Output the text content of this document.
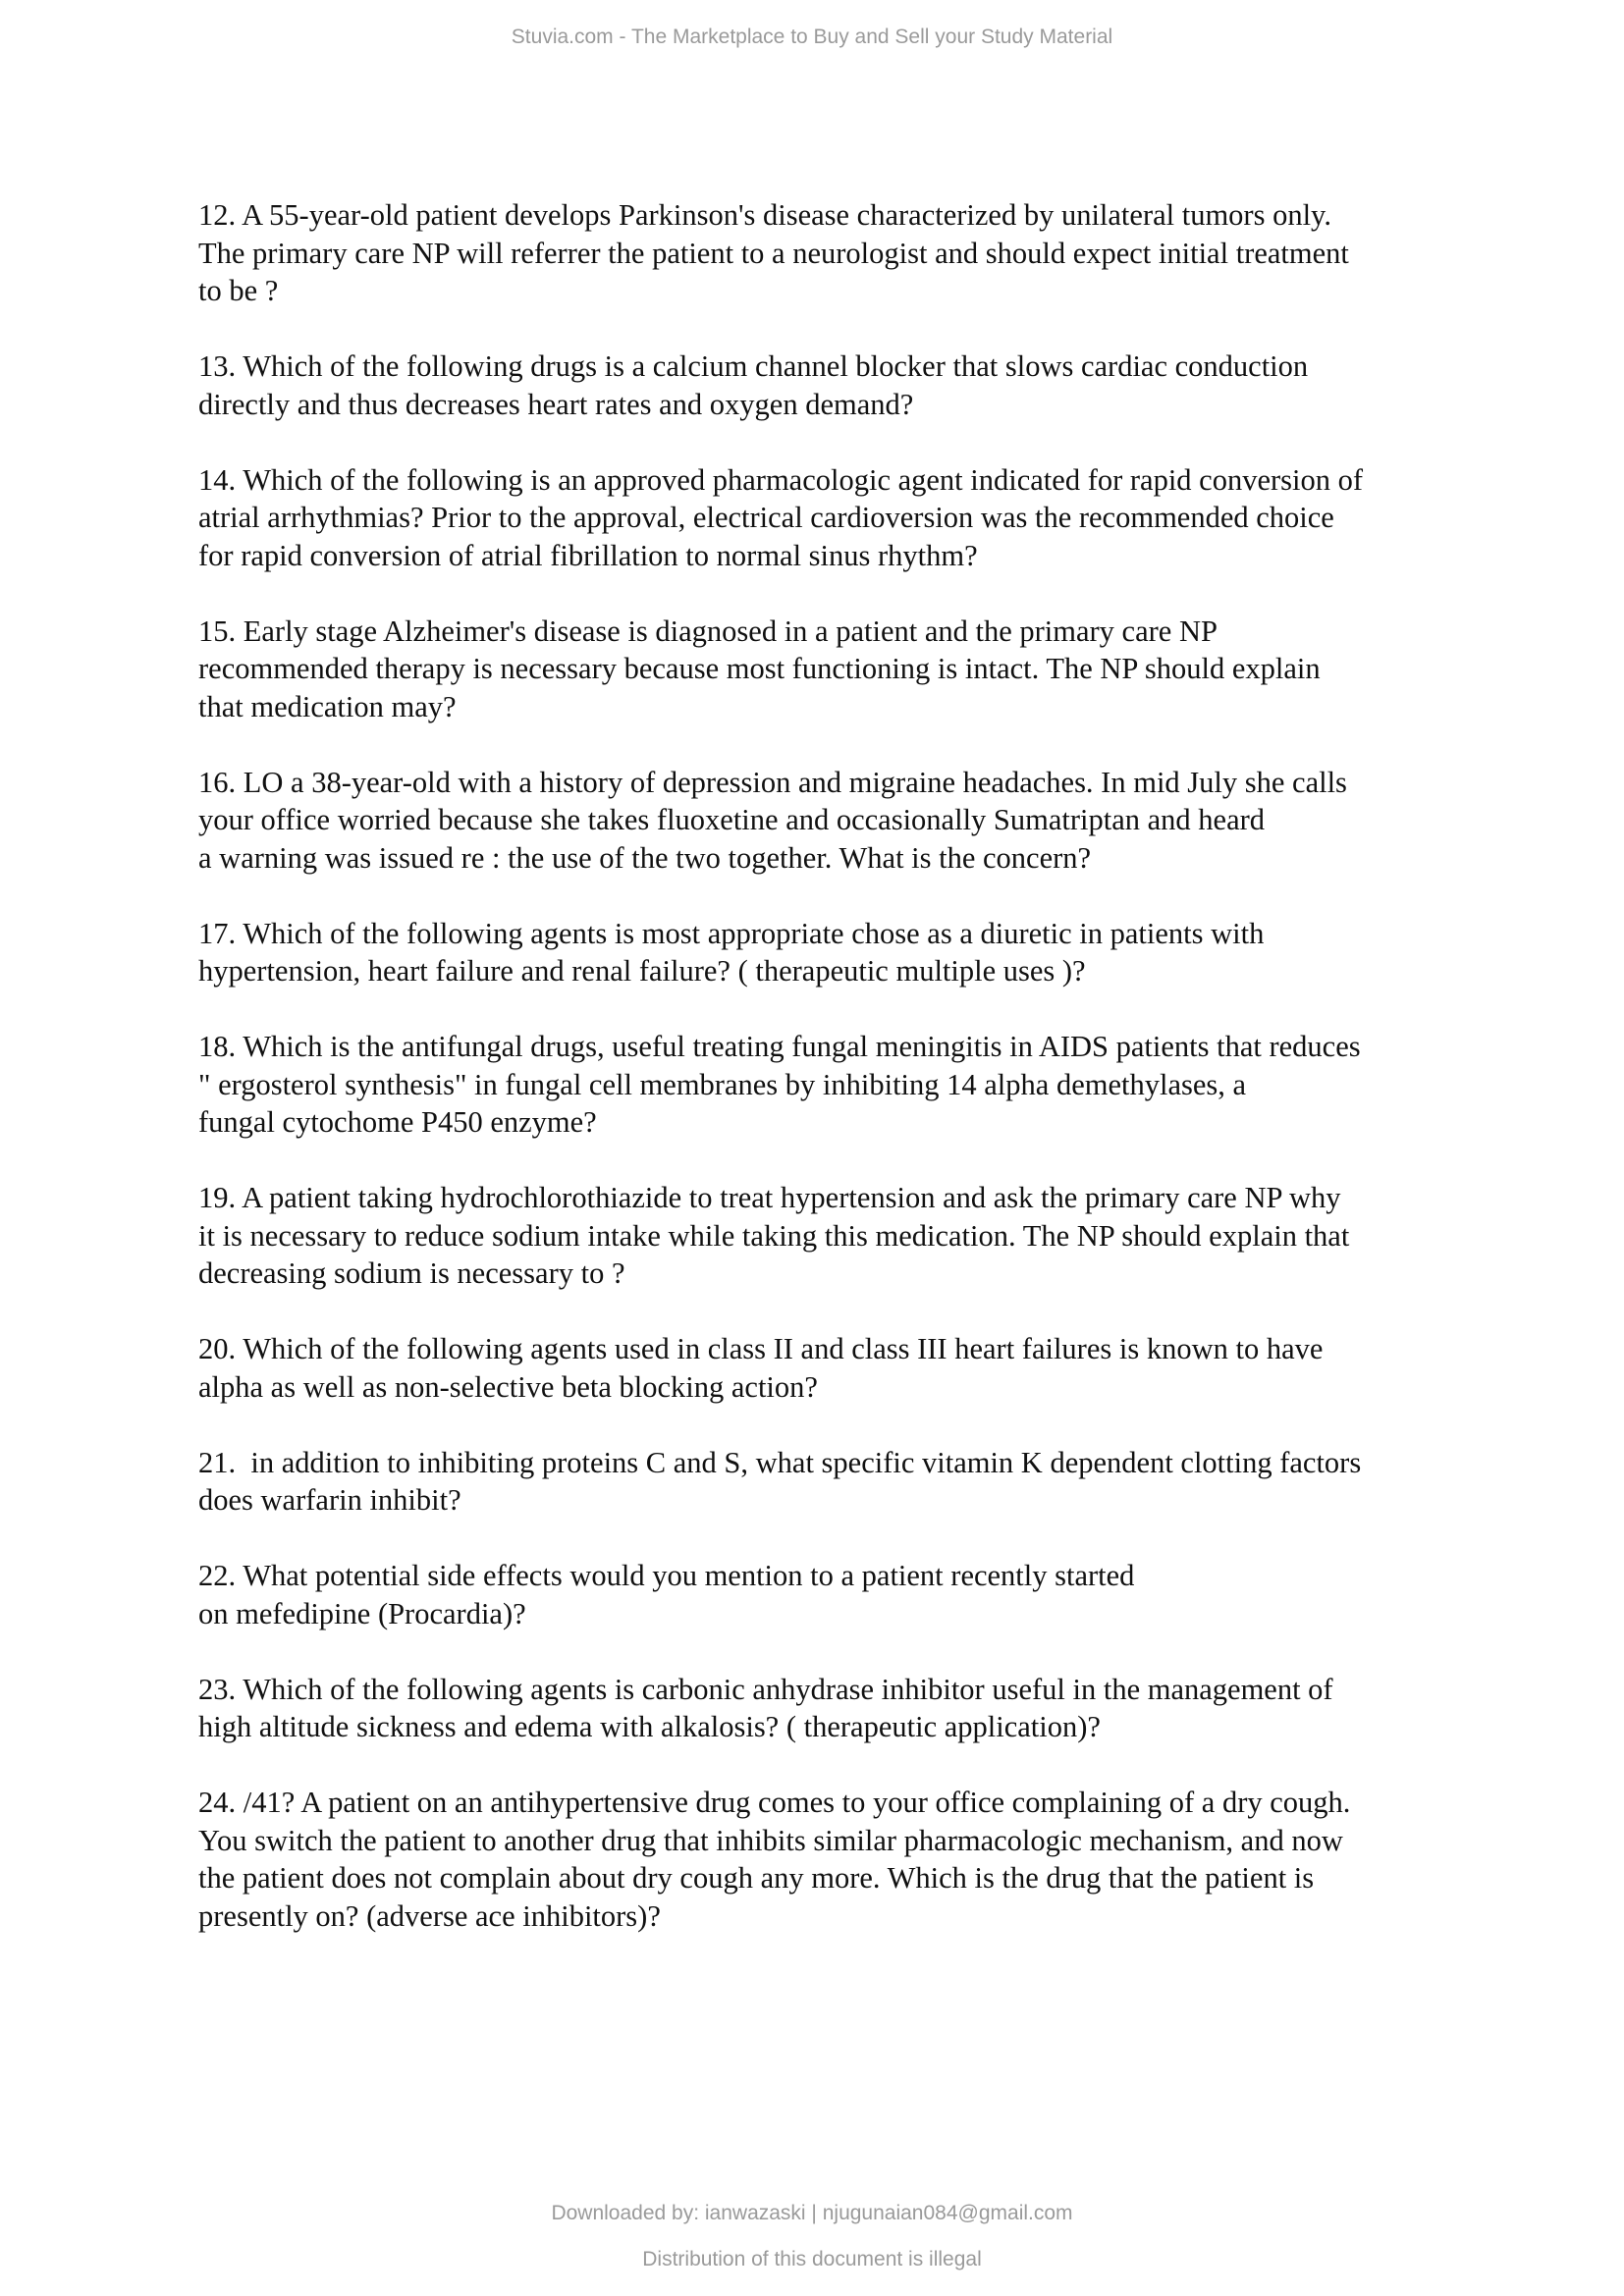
Stuvia.com - The Marketplace to Buy and Sell your Study Material
12. A 55-year-old patient develops Parkinson's disease characterized by unilateral tumors only.
The primary care NP will referrer the patient to a neurologist and should expect initial treatment
to be ?
13. Which of the following drugs is a calcium channel blocker that slows cardiac conduction
directly and thus decreases heart rates and oxygen demand?
14. Which of the following is an approved pharmacologic agent indicated for rapid conversion of
atrial arrhythmias? Prior to the approval, electrical cardioversion was the recommended choice
for rapid conversion of atrial fibrillation to normal sinus rhythm?
15. Early stage Alzheimer's disease is diagnosed in a patient and the primary care NP
recommended therapy is necessary because most functioning is intact. The NP should explain
that medication may?
16. LO a 38-year-old with a history of depression and migraine headaches. In mid July she calls
your office worried because she takes fluoxetine and occasionally Sumatriptan and heard
a warning was issued re : the use of the two together. What is the concern?
17. Which of the following agents is most appropriate chose as a diuretic in patients with
hypertension, heart failure and renal failure? ( therapeutic multiple uses )?
18. Which is the antifungal drugs, useful treating fungal meningitis in AIDS patients that reduces
" ergosterol synthesis" in fungal cell membranes by inhibiting 14 alpha demethylases, a
fungal cytochome P450 enzyme?
19. A patient taking hydrochlorothiazide to treat hypertension and ask the primary care NP why
it is necessary to reduce sodium intake while taking this medication. The NP should explain that
decreasing sodium is necessary to ?
20. Which of the following agents used in class II and class III heart failures is known to have
alpha as well as non-selective beta blocking action?
21.  in addition to inhibiting proteins C and S, what specific vitamin K dependent clotting factors
does warfarin inhibit?
22. What potential side effects would you mention to a patient recently started
on mefedipine (Procardia)?
23. Which of the following agents is carbonic anhydrase inhibitor useful in the management of
high altitude sickness and edema with alkalosis? ( therapeutic application)?
24. /41? A patient on an antihypertensive drug comes to your office complaining of a dry cough.
You switch the patient to another drug that inhibits similar pharmacologic mechanism, and now
the patient does not complain about dry cough any more. Which is the drug that the patient is
presently on? (adverse ace inhibitors)?
Downloaded by: ianwazaski | njugunaian084@gmail.com
Distribution of this document is illegal
